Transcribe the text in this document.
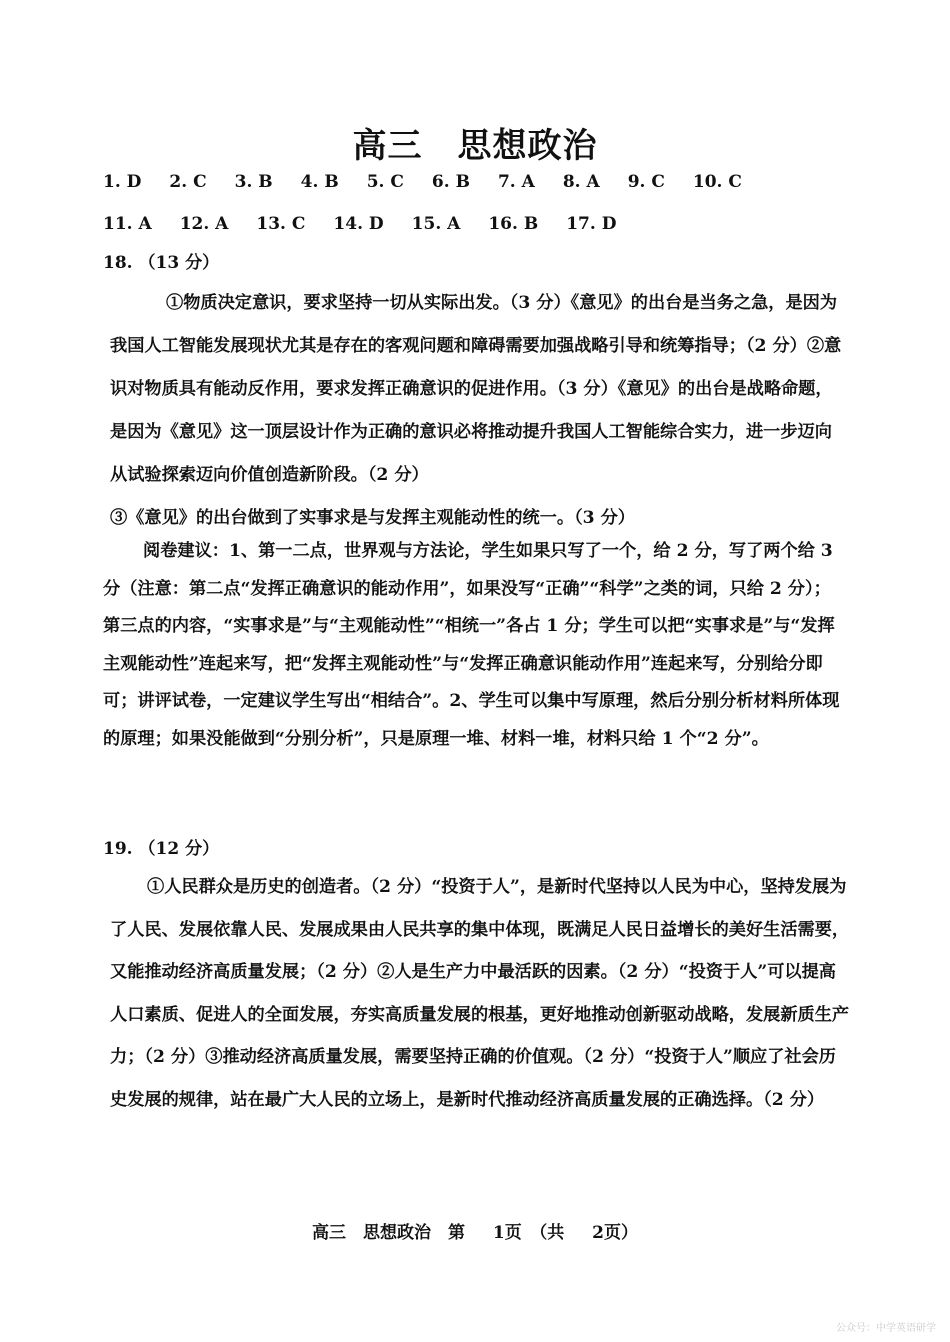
高三　思想政治
1. D 2. C 3. B 4. B 5. C 6. B 7. A 8. A 9. C 10. C
11. A 12. A 13. C 14. D 15. A 16. B 17. D
18. （13 分）

①物质决定意识，要求坚持一切从实际出发。（3 分）《意见》的出台是当务之急，是因为我国人工智能发展现状尤其是存在的客观问题和障碍需要加强战略引导和统筹指导；（2 分）②意识对物质具有能动反作用，要求发挥正确意识的促进作用。（3 分）《意见》的出台是战略命题，是因为《意见》这一顶层设计作为正确的意识必将推动提升我国人工智能综合实力，进一步迈向从试验探索迈向价值创造新阶段。（2 分）

③《意见》的出台做到了实事求是与发挥主观能动性的统一。（3 分）

阅卷建议：1、第一二点，世界观与方法论，学生如果只写了一个，给 2 分，写了两个给 3 分（注意：第二点“发挥正确意识的能动作用”，如果没写“正确”“科学”之类的词，只给 2 分）；第三点的内容，“实事求是”与“主观能动性”“相统一”各占 1 分；学生可以把“实事求是”与“发挥主观能动性”连起来写，把“发挥主观能动性”与“发挥正确意识能动作用”连起来写，分别给分即可；讲评试卷，一定建议学生写出“相结合”。2、学生可以集中写原理，然后分别分析材料所体现的原理；如果没能做到“分别分析”，只是原理一堆、材料一堆，材料只给 1 个“2 分”。

19. （12 分）

①人民群众是历史的创造者。（2 分）“投资于人”，是新时代坚持以人民为中心，坚持发展为了人民、发展依靠人民、发展成果由人民共享的集中体现，既满足人民日益增长的美好生活需要，又能推动经济高质量发展；（2 分）②人是生产力中最活跃的因素。（2 分）“投资于人”可以提高人口素质、促进人的全面发展，夯实高质量发展的根基，更好地推动创新驱动战略，发展新质生产力；（2 分）③推动经济高质量发展，需要坚持正确的价值观。（2 分）“投资于人”顺应了社会历史发展的规律，站在最广大人民的立场上，是新时代推动经济高质量发展的正确选择。（2 分）

高三　思想政治　第 1页　（共 2页）
公众号：中学英语研学
